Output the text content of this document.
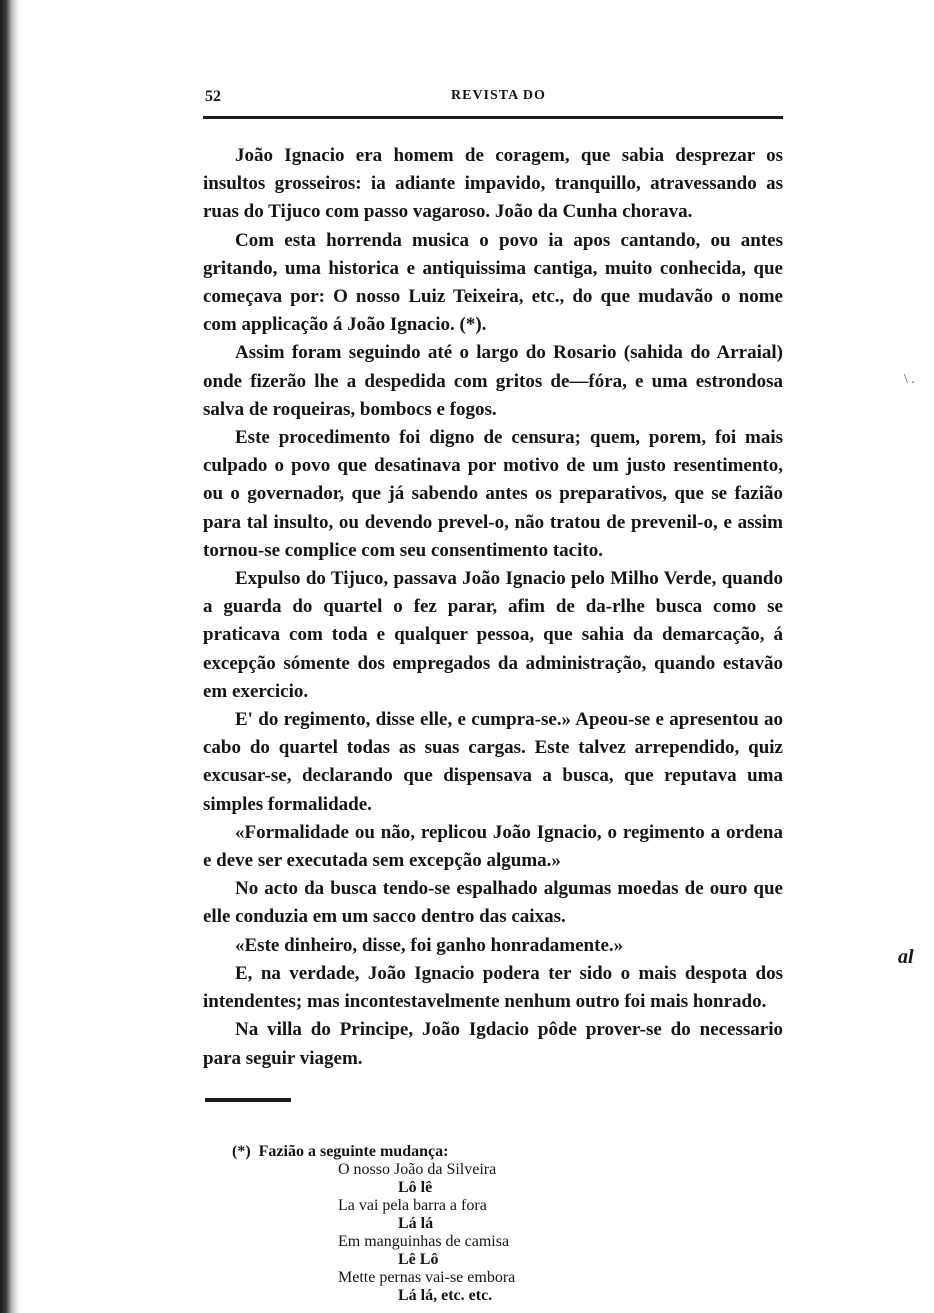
52	REVISTA DO

João Ignacio era homem de coragem, que sabia desprezar os insultos grosseiros: ia adiante impavido, tranquillo, atravessando as ruas do Tijuco com passo vagaroso. João da Cunha chorava.

Com esta horrenda musica o povo ia apos cantando, ou antes gritando, uma historica e antiquissima cantiga, muito conhecida, que começava por: O nosso Luiz Teixeira, etc., do que mudavão o nome com applicação á João Ignacio. (*).

Assim foram seguindo até o largo do Rosario (sahida do Arraial) onde fizerão lhe a despedida com gritos de—fóra, e uma estrondosa salva de roqueiras, bombocs e fogos.

Este procedimento foi digno de censura; quem, porem, foi mais culpado o povo que desatinava por motivo de um justo resentimento, ou o governador, que já sabendo antes os preparativos, que se fazião para tal insulto, ou devendo prevel-o, não tratou de prevenil-o, e assim tornou-se complice com seu consentimento tacito.

Expulso do Tijuco, passava João Ignacio pelo Milho Verde, quando a guarda do quartel o fez parar, afim de da-rlhe busca como se praticava com toda e qualquer pessoa, que sahia da demarcação, á excepção sómente dos empregados da administração, quando estavão em exercicio.

E' do regimento, disse elle, e cumpra-se.» Apeou-se e apresentou ao cabo do quartel todas as suas cargas. Este talvez arrependido, quiz excusar-se, declarando que dispensava a busca, que reputava uma simples formalidade.

«Formalidade ou não, replicou João Ignacio, o regimento a ordena e deve ser executada sem excepção alguma.»

No acto da busca tendo-se espalhado algumas moedas de ouro que elle conduzia em um sacco dentro das caixas.

«Este dinheiro, disse, foi ganho honradamente.»

E, na verdade, João Ignacio podera ter sido o mais despota dos intendentes; mas incontestavelmente nenhum outro foi mais honrado.

Na villa do Principe, João Igdacio pôde prover-se do necessario para seguir viagem.

(*) Fazião a seguinte mudança:

O nosso João da Silveira
Lô lê
La vai pela barra a fora
Lá lá
Em manguinhas de camisa
Lê Lô
Mette pernas vai-se embora
Lá lá, etc. etc.

\ .
al
